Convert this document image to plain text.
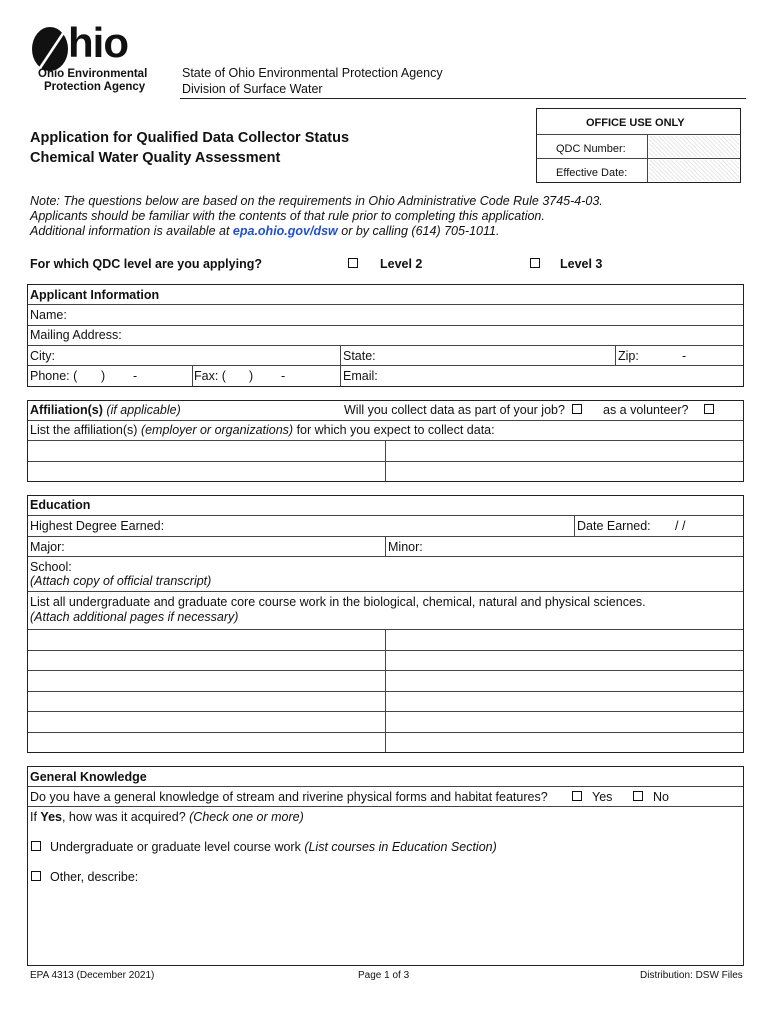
hio
Ohio Environmental
Protection Agency
State of Ohio Environmental Protection Agency
Division of Surface Water
OFFICE USE ONLY
QDC Number:
Effective Date:
Application for Qualified Data Collector Status
Chemical Water Quality Assessment
Note: The questions below are based on the requirements in Ohio Administrative Code Rule 3745-4-03.
Applicants should be familiar with the contents of that rule prior to completing this application.
Additional information is available at epa.ohio.gov/dsw or by calling (614) 705-1011.
For which QDC level are you applying?	Level 2	Level 3
Applicant Information
Name:
Mailing Address:
City:	State:	Zip:	-
Phone: ( ) -	Fax: ( ) -	Email:
Affiliation(s) (if applicable)	Will you collect data as part of your job?	as a volunteer?
List the affiliation(s) (employer or organizations) for which you expect to collect data:
Education
Highest Degree Earned:	Date Earned: / /
Major:	Minor:
School:
(Attach copy of official transcript)
List all undergraduate and graduate core course work in the biological, chemical, natural and physical sciences.
(Attach additional pages if necessary)
General Knowledge
Do you have a general knowledge of stream and riverine physical forms and habitat features?	Yes	No
If Yes, how was it acquired? (Check one or more)
Undergraduate or graduate level course work (List courses in Education Section)
Other, describe:
EPA 4313 (December 2021)	Page 1 of 3	Distribution: DSW Files
